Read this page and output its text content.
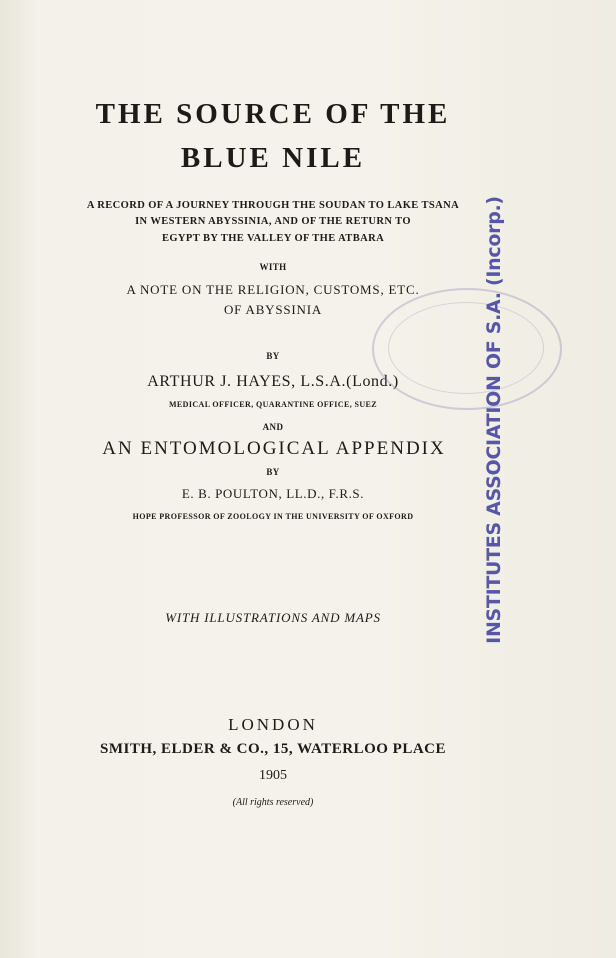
THE SOURCE OF THE
BLUE NILE
A RECORD OF A JOURNEY THROUGH THE SOUDAN TO LAKE TSANA
IN WESTERN ABYSSINIA, AND OF THE RETURN TO
EGYPT BY THE VALLEY OF THE ATBARA
WITH
A NOTE ON THE RELIGION, CUSTOMS, ETC.
OF ABYSSINIA
BY
ARTHUR J. HAYES, L.S.A.(Lond.)
MEDICAL OFFICER, QUARANTINE OFFICE, SUEZ
AND
AN ENTOMOLOGICAL APPENDIX
BY
E. B. POULTON, LL.D., F.R.S.
HOPE PROFESSOR OF ZOOLOGY IN THE UNIVERSITY OF OXFORD
WITH ILLUSTRATIONS AND MAPS
LONDON
SMITH, ELDER & CO., 15, WATERLOO PLACE
1905
(All rights reserved)
INSTITUTES ASSOCIATION OF S.A. (Incorp.)
